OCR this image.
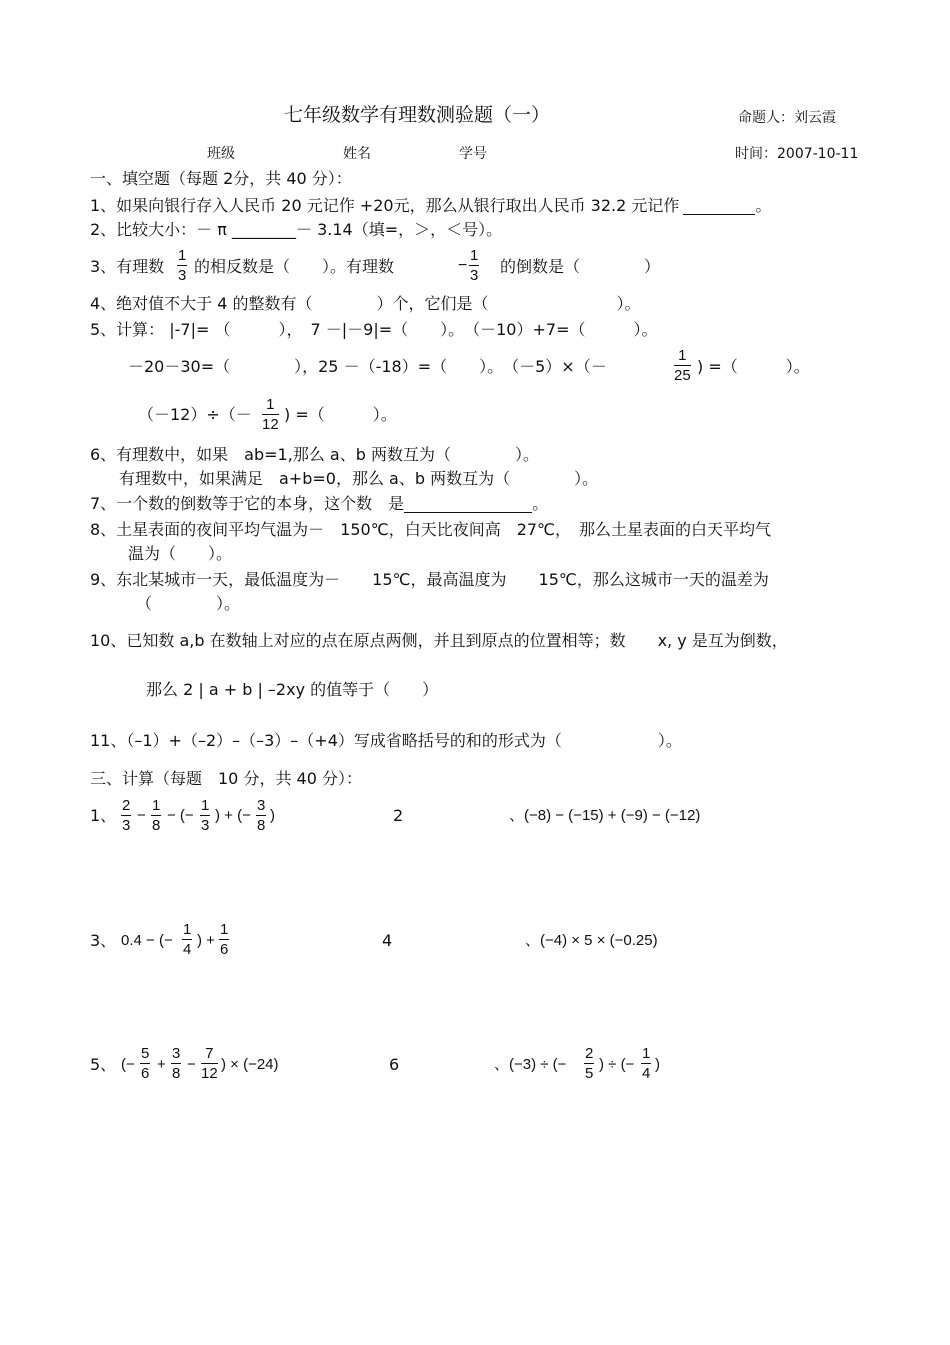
七年级数学有理数测验题（一）	命题人：刘云霞
班级	姓名	学号	时间：2007-10-11
一、填空题（每题 2分，共 40 分）：
1、如果向银行存入人民币 20 元记作 +20元，那么从银行取出人民币 32.2 元记作	。
2、比较大小：－ π ________－ 3.14（填=，＞，＜号）。
3、有理数 $\frac{1}{3}$ 的相反数是（　　）。有理数	− $\frac{1}{3}$ 的倒数是（　　　　）
4、绝对值不大于 4 的整数有（　　　　）个，它们是（　　　　　　　　）。
5、计算： |-7|= （　　　），　7 －|－9|=（　　）。　（－10）+7=（　　　）。
－20－30=（　　　　），25 －（-18）=（　　）。　（－5）×（－	$\frac{1}{25}$ ) =（　　　）。
$(-12)\div(- \frac{1}{12}$ ) =（　　　）。
6、有理数中，如果　ab=1,那么 a、b 两数互为（　　　　）。
有理数中，如果满足　a+b=0，那么 a、b 两数互为（　　　　）。
7、一个数的倒数等于它的本身，这个数　是	。
8、土星表面的夜间平均气温为－　150℃，白天比夜间高　27℃，　那么土星表面的白天平均气
温为（　　）。
9、东北某城市一天，最低温度为－　　15℃，最高温度为　　15℃，那么这城市一天的温差为
（　　　　）。
10、已知数 a,b 在数轴上对应的点在原点两侧，并且到原点的位置相等；数　　x, y 是互为倒数，
那么 2 | a + b | –2xy 的值等于（　　）
11、（–1）+（–2）–（–3）–（+4）写成省略括号的和的形式为（　　　　　　）。
三、计算（每题　10 分，共 40 分）：
1、 $\frac{2}{3} - \frac{1}{8}$ − (− $\frac{1}{3}$ ) + (− $\frac{3}{8}$ )	2	、(−8) − (−15) + (−9) − (−12)
3、 0.4 − (− $\frac{1}{4}$ ) + $\frac{1}{6}$	4	、(−4) × 5 × (−0.25)
5、 (− $\frac{5}{6} + \frac{3}{8} - \frac{7}{12}$ ) × (−24)	6	、(−3) ÷ (− $\frac{2}{5}$ ) ÷ (− $\frac{1}{4}$ )
